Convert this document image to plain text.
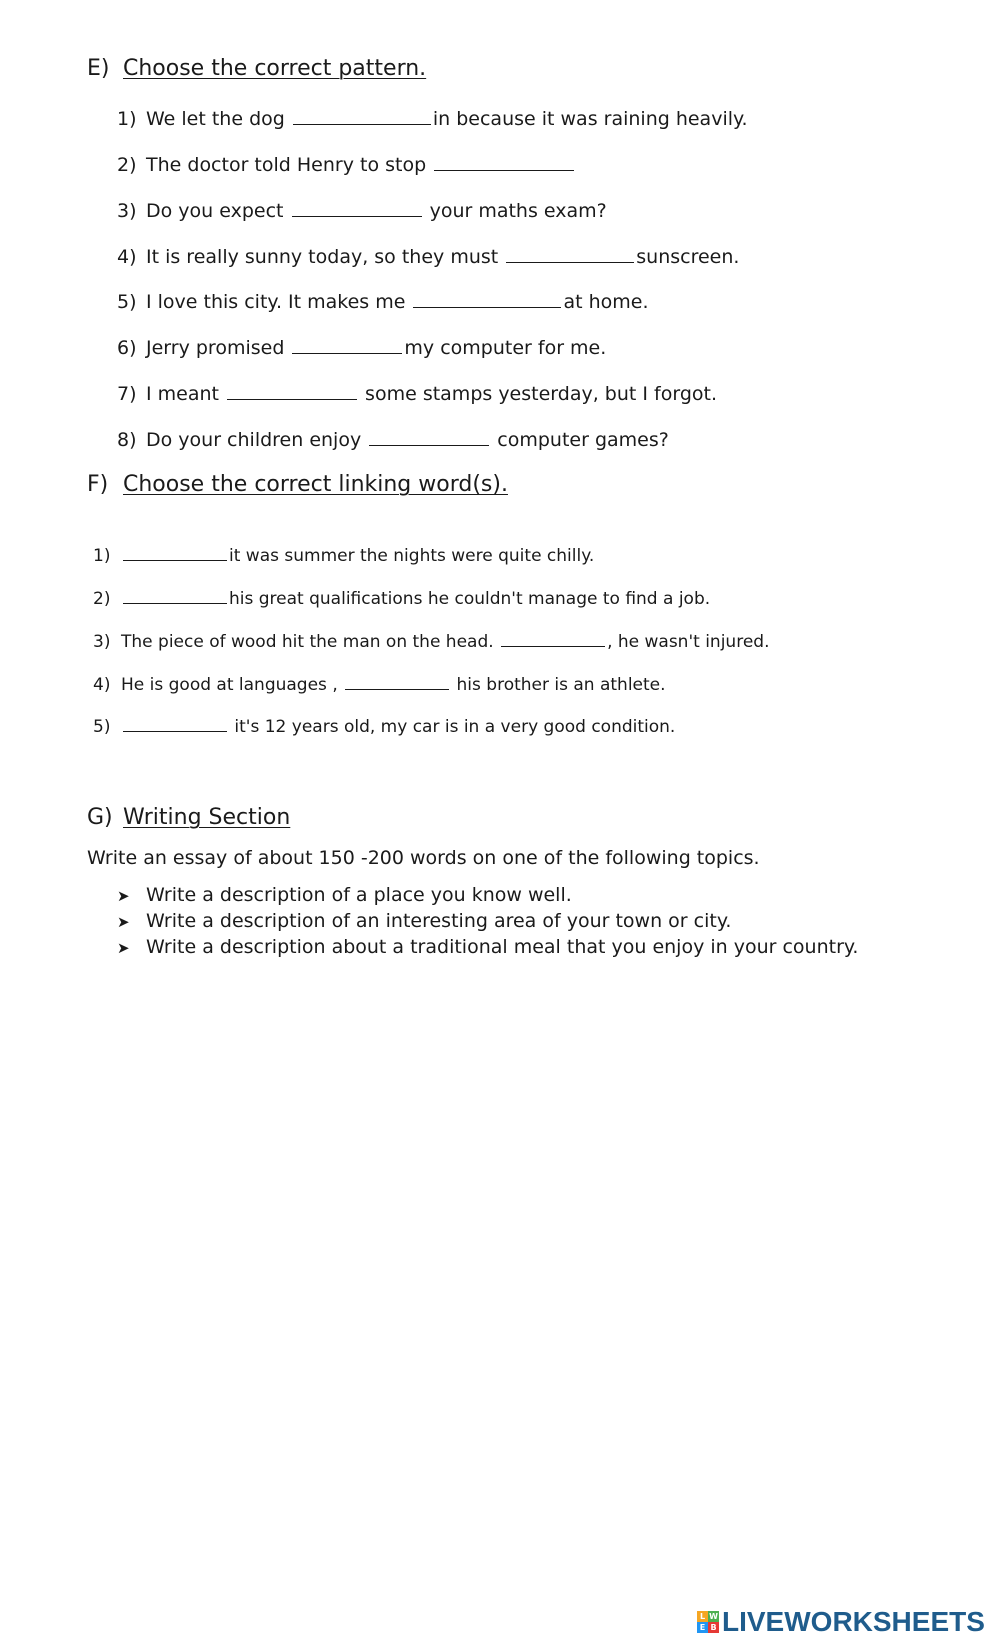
E) Choose the correct pattern.
1) We let the dog	in because it was raining heavily.
2) The doctor told Henry to stop
3) Do you expect	your maths exam?
4) It is really sunny today, so they must	sunscreen.
5) I love this city. It makes me	at home.
6) Jerry promised	my computer for me.
7) I meant	some stamps yesterday, but I forgot.
8) Do your children enjoy	computer games?
F) Choose the correct linking word(s).
1)	it was summer the nights were quite chilly.
2)	his great qualifications he couldn't manage to find a job.
3) The piece of wood hit the man on the head.	, he wasn't injured.
4) He is good at languages ,	his brother is an athlete.
5)	it's 12 years old, my car is in a very good condition.
G) Writing Section
Write an essay of about 150 -200 words on one of the following topics.
➤ Write a description of a place you know well.
➤ Write a description of an interesting area of your town or city.
➤ Write a description about a traditional meal that you enjoy in your country.
L W
E B LIVEWORKSHEETS
